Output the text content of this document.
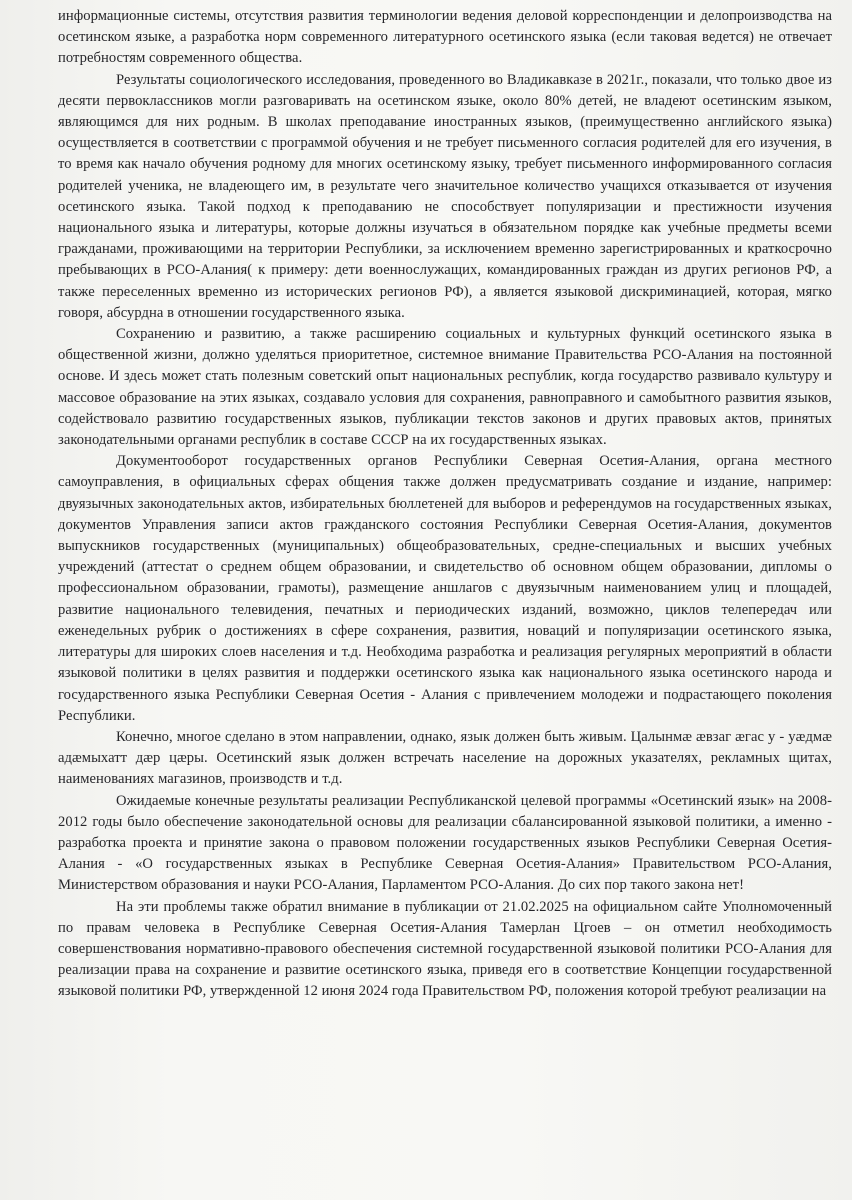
информационные системы, отсутствия развития терминологии ведения деловой корреспонденции и делопроизводства на осетинском языке, а разработка норм современного литературного осетинского языка (если таковая ведется) не отвечает потребностям современного общества.

Результаты социологического исследования, проведенного во Владикавказе в 2021г., показали, что только двое из десяти первоклассников могли разговаривать на осетинском языке, около 80% детей, не владеют осетинским языком, являющимся для них родным. В школах преподавание иностранных языков, (преимущественно английского языка) осуществляется в соответствии с программой обучения и не требует письменного согласия родителей для его изучения, в то время как начало обучения родному для многих осетинскому языку, требует письменного информированного согласия родителей ученика, не владеющего им, в результате чего значительное количество учащихся отказывается от изучения осетинского языка. Такой подход к преподаванию не способствует популяризации и престижности изучения национального языка и литературы, которые должны изучаться в обязательном порядке как учебные предметы всеми гражданами, проживающими на территории Республики, за исключением временно зарегистрированных и краткосрочно пребывающих в РСО-Алания( к примеру: дети военнослужащих, командированных граждан из других регионов РФ, а также переселенных временно из исторических регионов РФ), а является языковой дискриминацией, которая, мягко говоря, абсурдна в отношении государственного языка.

Сохранению и развитию, а также расширению социальных и культурных функций осетинского языка в общественной жизни, должно уделяться приоритетное, системное внимание Правительства РСО-Алания на постоянной основе. И здесь может стать полезным советский опыт национальных республик, когда государство развивало культуру и массовое образование на этих языках, создавало условия для сохранения, равноправного и самобытного развития языков, содействовало развитию государственных языков, публикации текстов законов и других правовых актов, принятых законодательными органами республик в составе СССР на их государственных языках.

Документооборот государственных органов Республики Северная Осетия-Алания, органа местного самоуправления, в официальных сферах общения также должен предусматривать создание и издание, например: двуязычных законодательных актов, избирательных бюллетеней для выборов и референдумов на государственных языках, документов Управления записи актов гражданского состояния Республики Северная Осетия-Алания, документов выпускников государственных (муниципальных) общеобразовательных, средне-специальных и высших учебных учреждений (аттестат о среднем общем образовании, и свидетельство об основном общем образовании, дипломы о профессиональном образовании, грамоты), размещение аншлагов с двуязычным наименованием улиц и площадей, развитие национального телевидения, печатных и периодических изданий, возможно, циклов телепередач или еженедельных рубрик о достижениях в сфере сохранения, развития, новаций и популяризации осетинского языка, литературы для широких слоев населения и т.д. Необходима разработка и реализация регулярных мероприятий в области языковой политики в целях развития и поддержки осетинского языка как национального языка осетинского народа и государственного языка Республики Северная Осетия - Алания с привлечением молодежи и подрастающего поколения Республики.

Конечно, многое сделано в этом направлении, однако, язык должен быть живым. Цалынмæ æвзаг æгас у - уæдмæ адæмыхатт дæр цæры. Осетинский язык должен встречать население на дорожных указателях, рекламных щитах, наименованиях магазинов, производств и т.д.

Ожидаемые конечные результаты реализации Республиканской целевой программы «Осетинский язык» на 2008-2012 годы было обеспечение законодательной основы для реализации сбалансированной языковой политики, а именно - разработка проекта и принятие закона о правовом положении государственных языков Республики Северная Осетия-Алания - «О государственных языках в Республике Северная Осетия-Алания» Правительством РСО-Алания, Министерством образования и науки РСО-Алания, Парламентом РСО-Алания. До сих пор такого закона нет!

На эти проблемы также обратил внимание в публикации от 21.02.2025 на официальном сайте Уполномоченный по правам человека в Республике Северная Осетия-Алания Тамерлан Цгоев – он отметил необходимость совершенствования нормативно-правового обеспечения системной государственной языковой политики РСО-Алания для реализации права на сохранение и развитие осетинского языка, приведя его в соответствие Концепции государственной языковой политики РФ, утвержденной 12 июня 2024 года Правительством РФ, положения которой требуют реализации на
